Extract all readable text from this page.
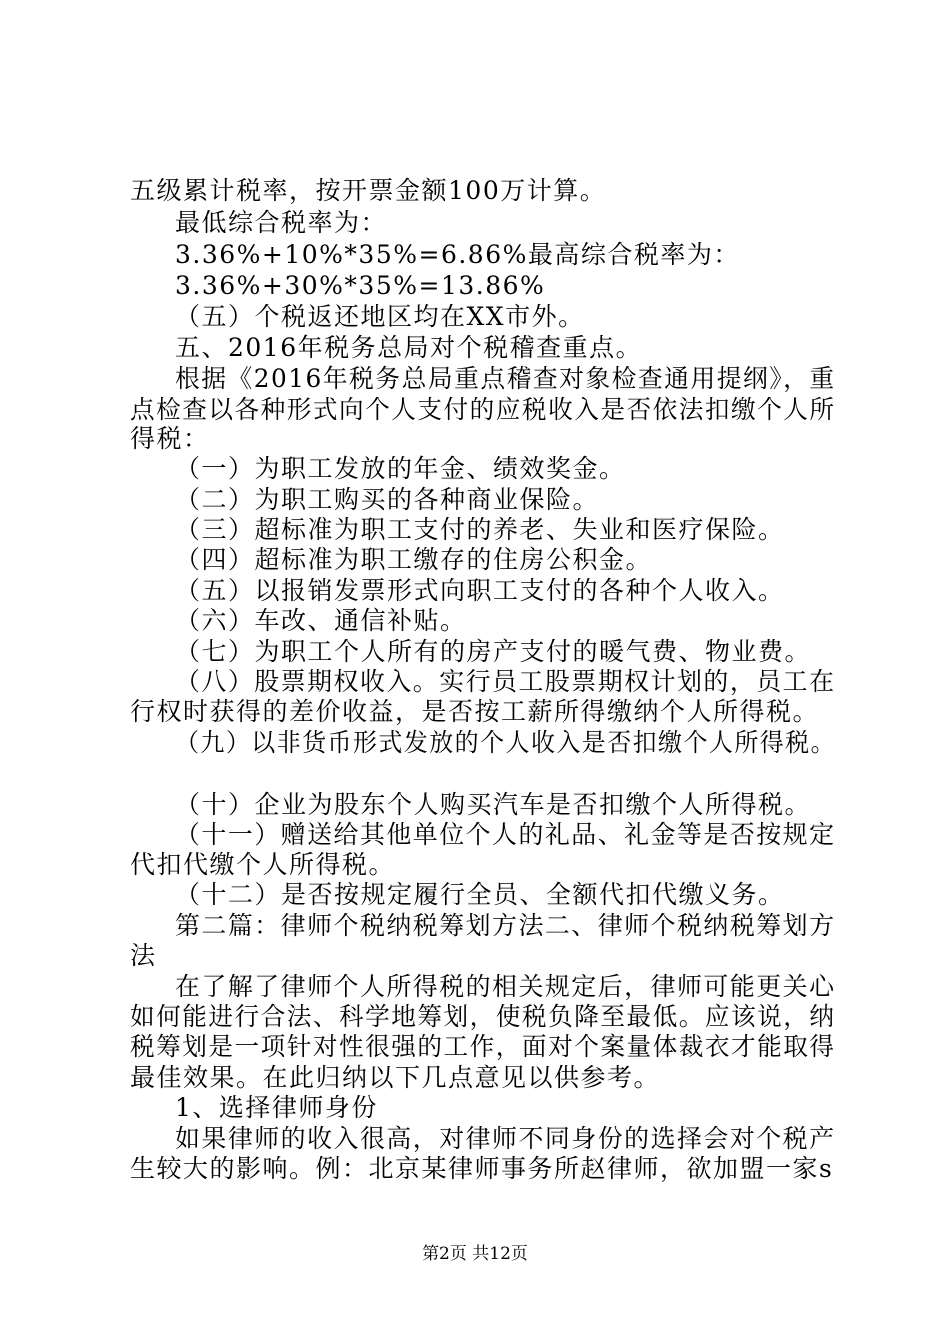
五级累计税率，按开票金额100万计算。
最低综合税率为：
3.36%+10%*35%=6.86%最高综合税率为：
3.36%+30%*35%=13.86%
（五）个税返还地区均在XX市外。
五、2016年税务总局对个税稽查重点。
根据《2016年税务总局重点稽查对象检查通用提纲》，重
点检查以各种形式向个人支付的应税收入是否依法扣缴个人所
得税：
（一）为职工发放的年金、绩效奖金。
（二）为职工购买的各种商业保险。
（三）超标准为职工支付的养老、失业和医疗保险。
（四）超标准为职工缴存的住房公积金。
（五）以报销发票形式向职工支付的各种个人收入。
（六）车改、通信补贴。
（七）为职工个人所有的房产支付的暖气费、物业费。
（八）股票期权收入。实行员工股票期权计划的，员工在
行权时获得的差价收益，是否按工薪所得缴纳个人所得税。
（九）以非货币形式发放的个人收入是否扣缴个人所得税。
（十）企业为股东个人购买汽车是否扣缴个人所得税。
（十一）赠送给其他单位个人的礼品、礼金等是否按规定
代扣代缴个人所得税。
（十二）是否按规定履行全员、全额代扣代缴义务。
第二篇：律师个税纳税筹划方法二、律师个税纳税筹划方
法
在了解了律师个人所得税的相关规定后，律师可能更关心
如何能进行合法、科学地筹划，使税负降至最低。应该说，纳
税筹划是一项针对性很强的工作，面对个案量体裁衣才能取得
最佳效果。在此归纳以下几点意见以供参考。
1、选择律师身份
如果律师的收入很高，对律师不同身份的选择会对个税产
生较大的影响。例：北京某律师事务所赵律师，欲加盟一家s
第2页 共12页
